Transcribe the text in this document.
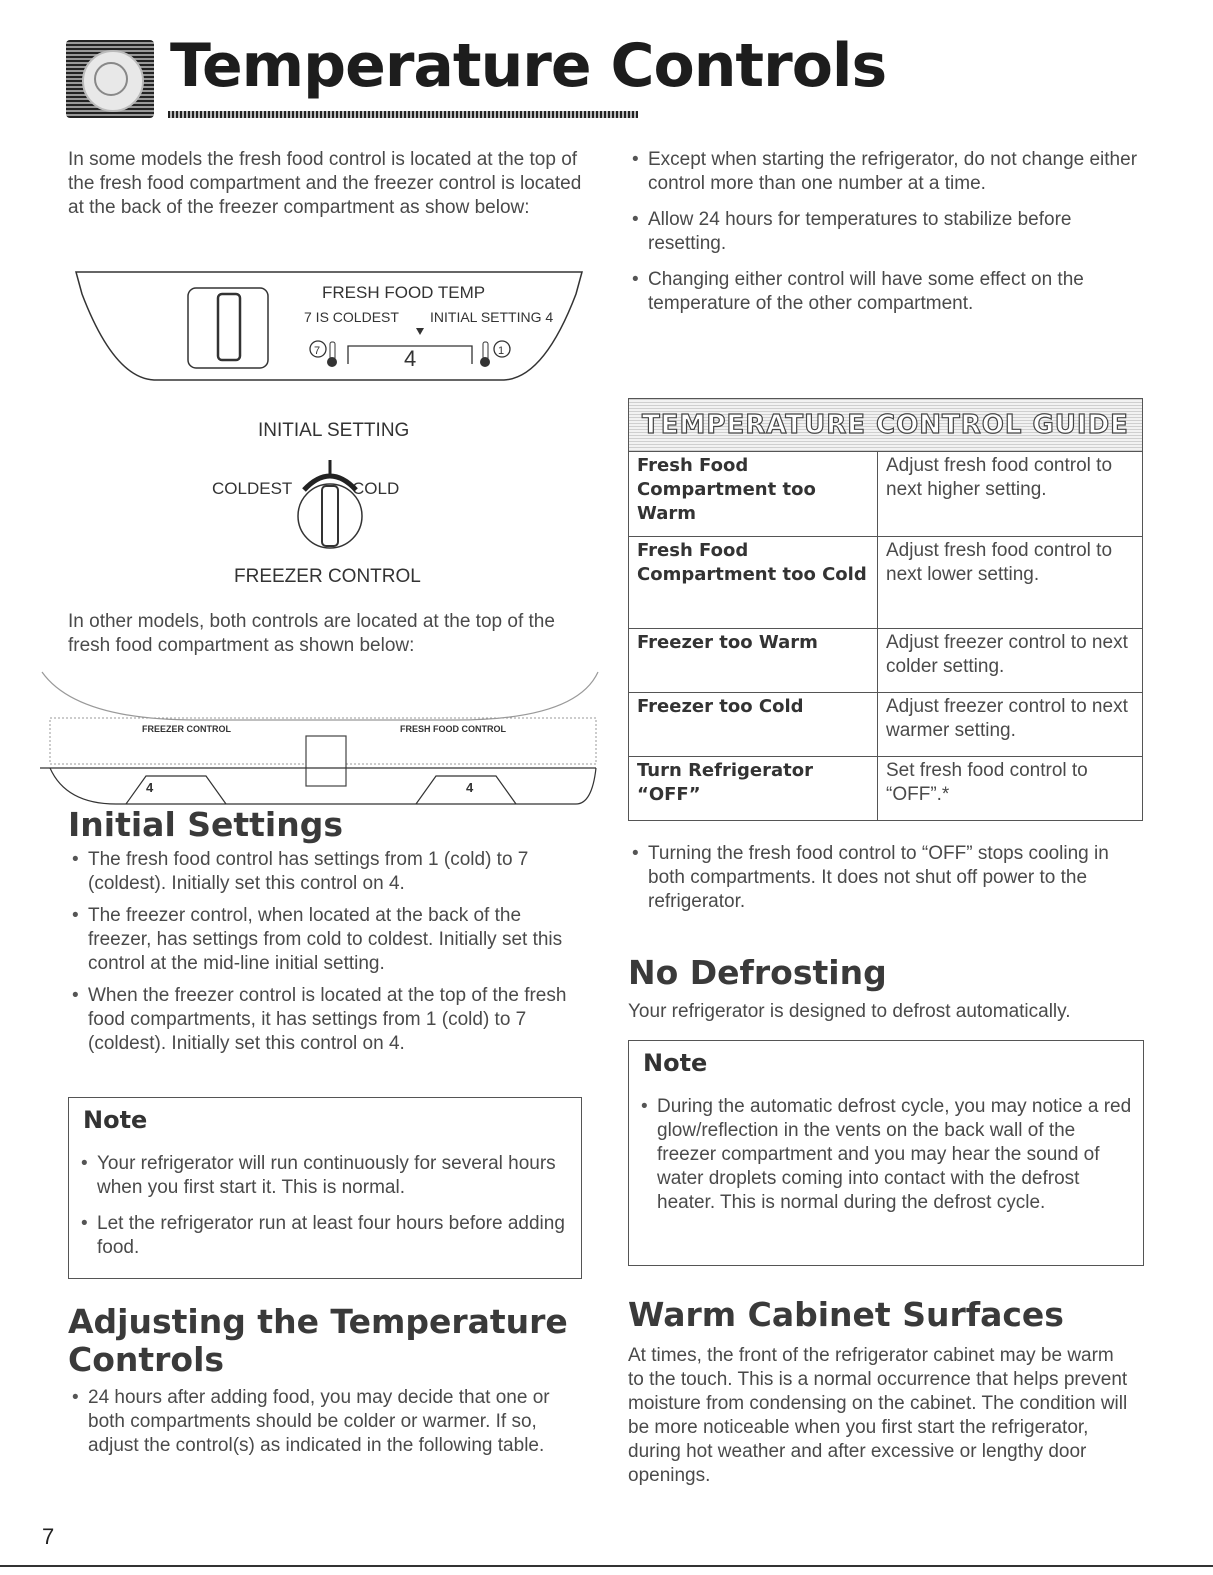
Temperature Controls

In some models the fresh food control is located at the top of the fresh food compartment and the freezer control is located at the back of the freezer compartment as show below:

FRESH FOOD TEMP
7 IS COLDEST INITIAL SETTING 4
7	4	1
INITIAL SETTING
COLDEST	COLD
FREEZER CONTROL

In other models, both controls are located at the top of the fresh food compartment as shown below:

FREEZER CONTROL	FRESH FOOD CONTROL
4	4
Initial Settings
• The fresh food control has settings from 1 (cold) to 7 (coldest). Initially set this control on 4.
• The freezer control, when located at the back of the freezer, has settings from cold to coldest. Initially set this control at the mid-line initial setting.
• When the freezer control is located at the top of the fresh food compartments, it has settings from 1 (cold) to 7 (coldest). Initially set this control on 4.
Note
• Your refrigerator will run continuously for several hours when you first start it. This is normal.
• Let the refrigerator run at least four hours before adding food.
Adjusting the Temperature
Controls
• 24 hours after adding food, you may decide that one or both compartments should be colder or warmer. If so, adjust the control(s) as indicated in the following table.
• Except when starting the refrigerator, do not change either control more than one number at a time.
• Allow 24 hours for temperatures to stabilize before resetting.
• Changing either control will have some effect on the temperature of the other compartment.
TEMPERATURE CONTROL GUIDE
Fresh Food Compartment too Warm	Adjust fresh food control to next higher setting.
Fresh Food Compartment too Cold	Adjust fresh food control to next lower setting.
Freezer too Warm	Adjust freezer control to next colder setting.
Freezer too Cold	Adjust freezer control to next warmer setting.
Turn Refrigerator “OFF”	Set fresh food control to “OFF”.*
• Turning the fresh food control to “OFF” stops cooling in both compartments. It does not shut off power to the refrigerator.
No Defrosting

Your refrigerator is designed to defrost automatically.

Note
• During the automatic defrost cycle, you may notice a red glow/reflection in the vents on the back wall of the freezer compartment and you may hear the sound of water droplets coming into contact with the defrost heater. This is normal during the defrost cycle.
Warm Cabinet Surfaces

At times, the front of the refrigerator cabinet may be warm to the touch. This is a normal occurrence that helps prevent moisture from condensing on the cabinet. The condition will be more noticeable when you first start the refrigerator, during hot weather and after excessive or lengthy door openings.

7
